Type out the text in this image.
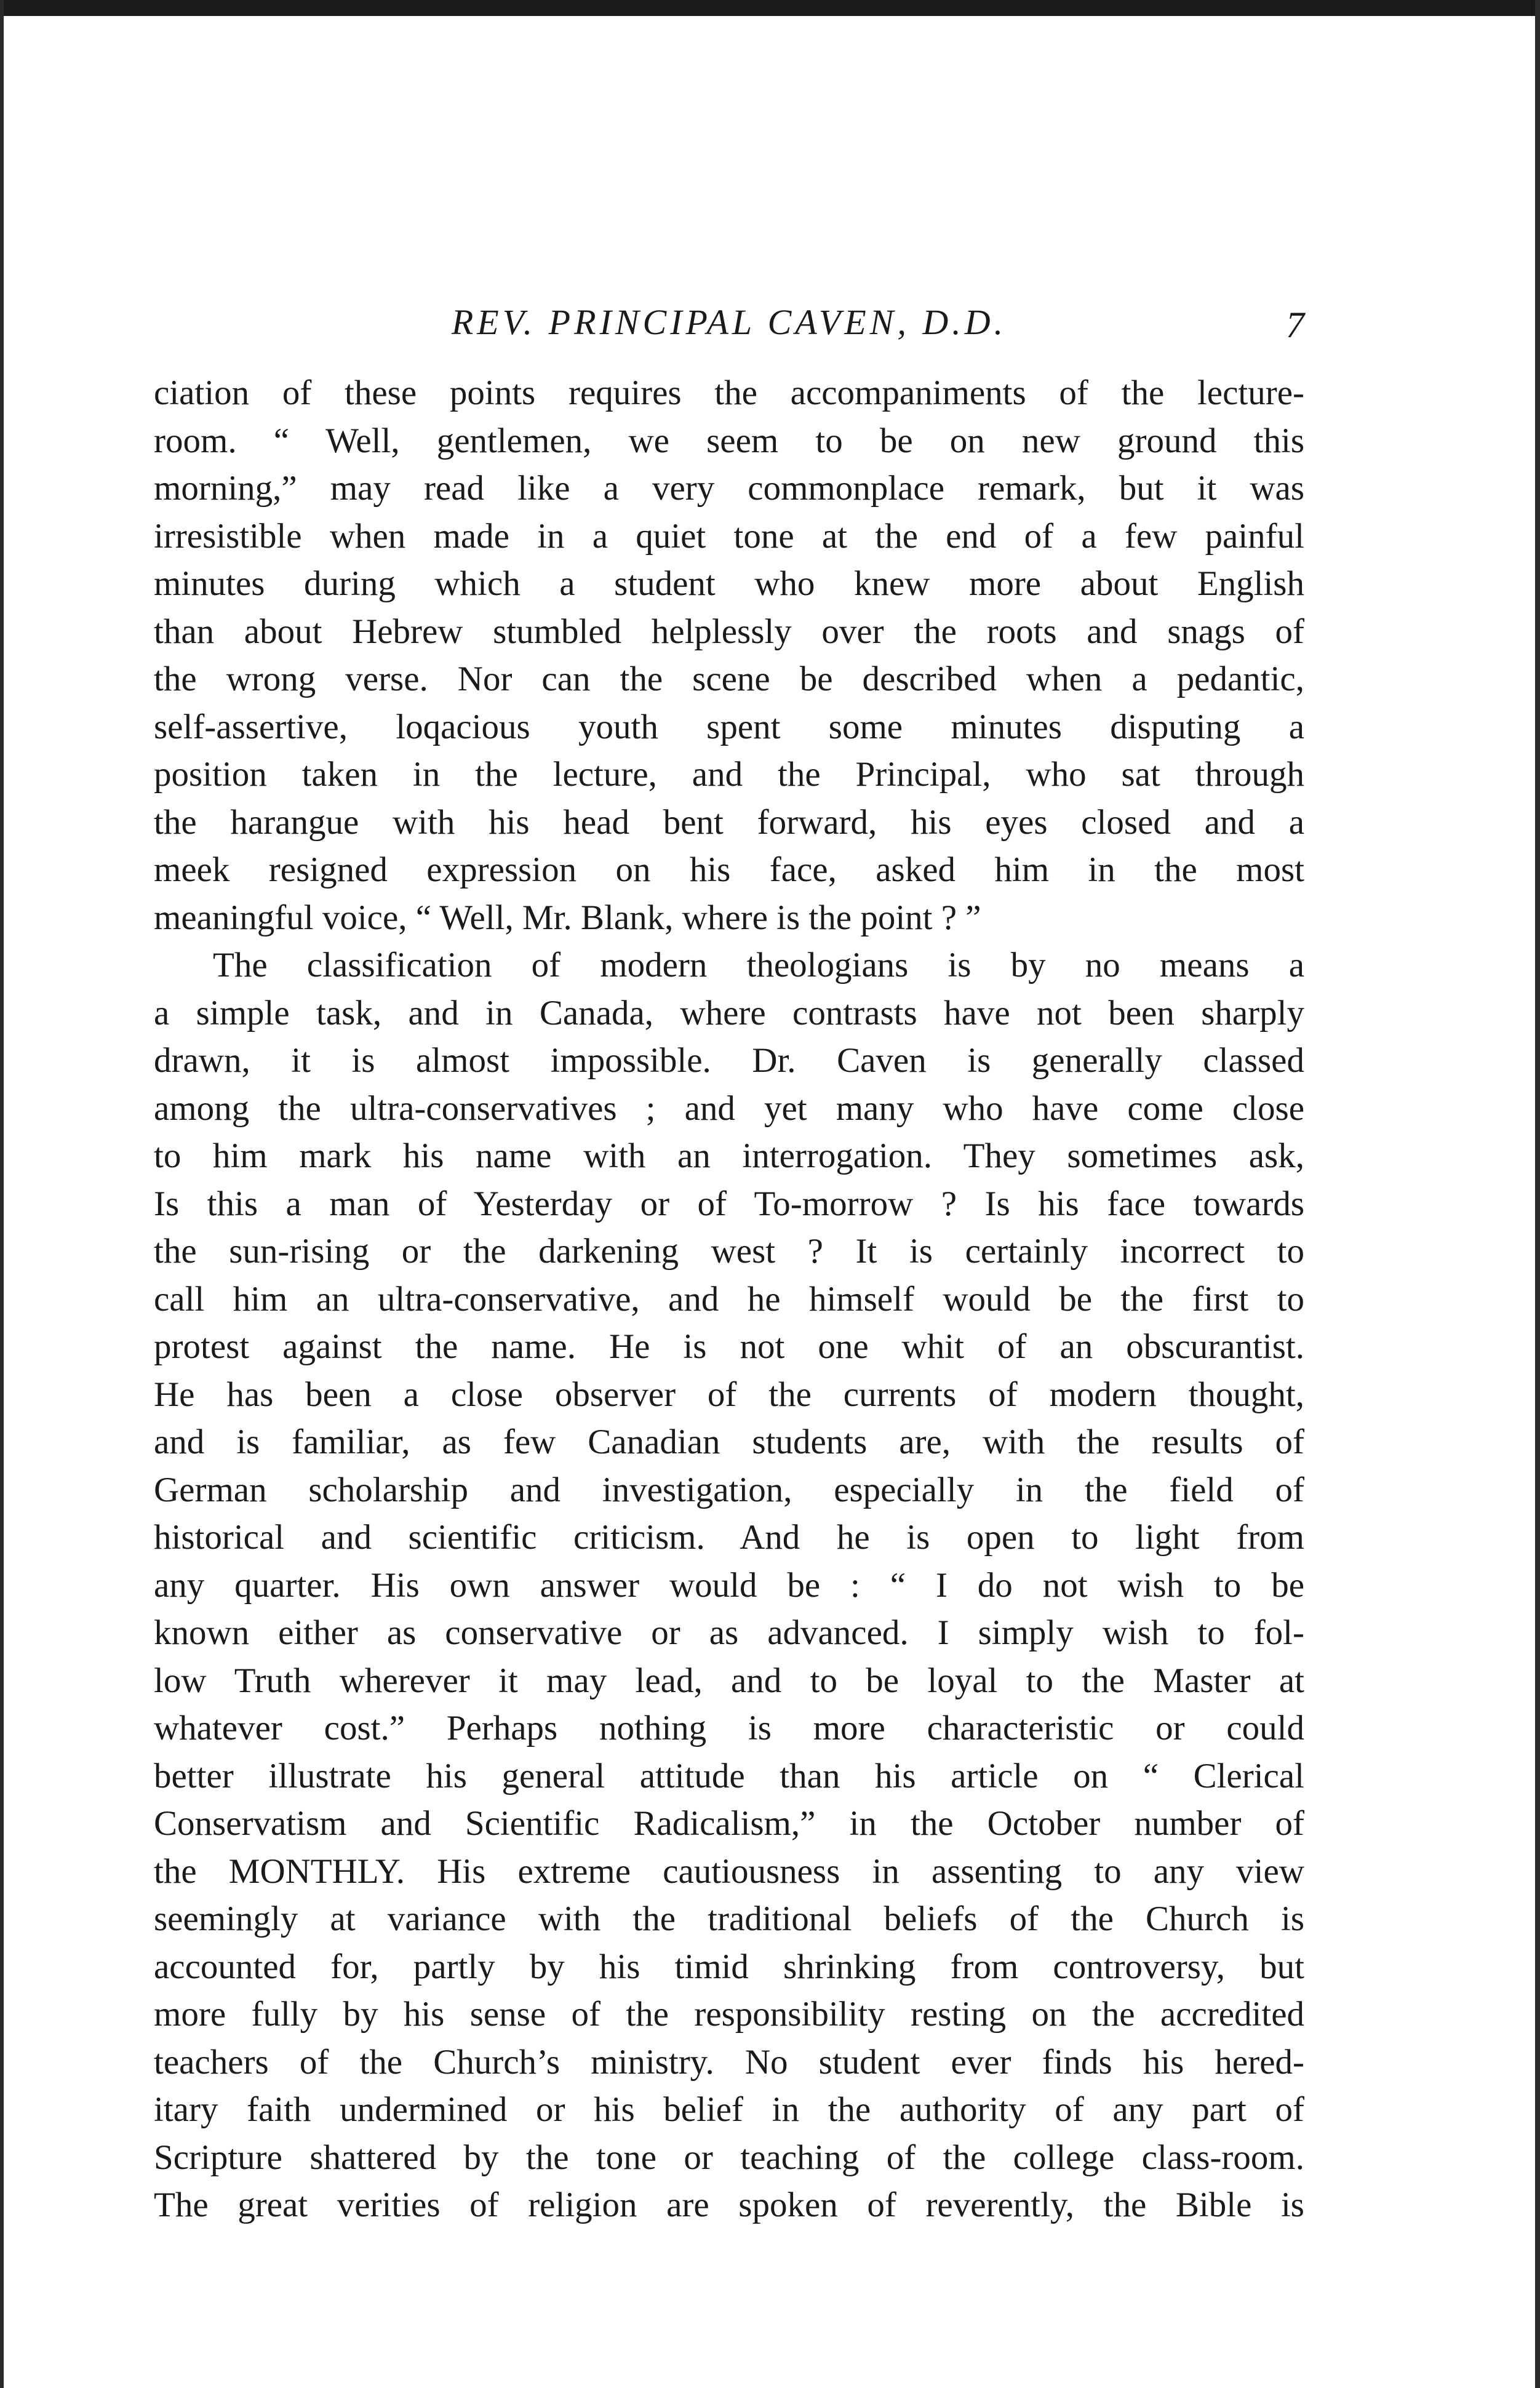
REV. PRINCIPAL CAVEN, D.D.	7

ciation of these points requires the accompaniments of the lecture-

room. “ Well, gentlemen, we seem to be on new ground this

morning,” may read like a very commonplace remark, but it was

irresistible when made in a quiet tone at the end of a few painful

minutes during which a student who knew more about English

than about Hebrew stumbled helplessly over the roots and snags of

the wrong verse. Nor can the scene be described when a pedantic,

self-assertive, loqacious youth spent some minutes disputing a

position taken in the lecture, and the Principal, who sat through

the harangue with his head bent forward, his eyes closed and a

meek resigned expression on his face, asked him in the most

meaningful voice, “ Well, Mr. Blank, where is the point ? ”

The classification of modern theologians is by no means a

a simple task, and in Canada, where contrasts have not been sharply

drawn, it is almost impossible. Dr. Caven is generally classed

among the ultra-conservatives ; and yet many who have come close

to him mark his name with an interrogation. They sometimes ask,

Is this a man of Yesterday or of To-morrow ? Is his face towards

the sun-rising or the darkening west ? It is certainly incorrect to

call him an ultra-conservative, and he himself would be the first to

protest against the name. He is not one whit of an obscurantist.

He has been a close observer of the currents of modern thought,

and is familiar, as few Canadian students are, with the results of

German scholarship and investigation, especially in the field of

historical and scientific criticism. And he is open to light from

any quarter. His own answer would be : “ I do not wish to be

known either as conservative or as advanced. I simply wish to fol-

low Truth wherever it may lead, and to be loyal to the Master at

whatever cost.” Perhaps nothing is more characteristic or could

better illustrate his general attitude than his article on “ Clerical

Conservatism and Scientific Radicalism,” in the October number of

the MONTHLY. His extreme cautiousness in assenting to any view

seemingly at variance with the traditional beliefs of the Church is

accounted for, partly by his timid shrinking from controversy, but

more fully by his sense of the responsibility resting on the accredited

teachers of the Church’s ministry. No student ever finds his hered-

itary faith undermined or his belief in the authority of any part of

Scripture shattered by the tone or teaching of the college class-room.

The great verities of religion are spoken of reverently, the Bible is
